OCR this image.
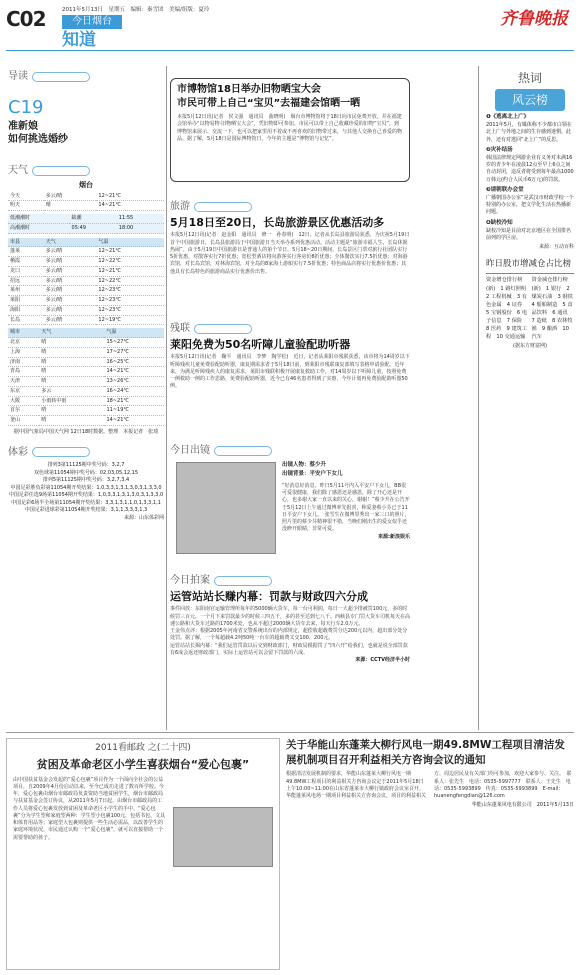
C02	2011年5月13日　星期五　编辑：秦雪团　美编/组版：夏玲
今日烟台
知道
齐鲁晚报
导读
C19
准新娘
如何挑选婚纱
天气
烟台
今天	多云/晴	12~21℃
明天	晴	14~21℃
低潮潮时	缺潮	11:55
高潮潮时	05:49	18:00
市县	天气	气温
蓬莱	多云/晴	12~21℃
栖霞	多云/晴	12~22℃
龙口	多云/晴	12~21℃
招远	多云/晴	12~22℃
莱州	多云/晴	12~23℃
莱阳	多云/晴	12~23℃
海阳	多云/晴	12~23℃
长岛	多云/晴	12~19℃
城市	天气	气温
北京	晴	15~27℃
上海	晴	17~27℃
济南	晴	16~25℃
青岛	晴	14~21℃
天津	晴	13~26℃
东京	多云	16~24℃
大阪	小雨转中雨	18~21℃
首尔	晴	11~19℃
釜山	晴	14~21℃
据中国气象局中国天气网 12日18时数据。整理　本报记者　张琦
体彩
排列3第11125期中奖号码：3,2,7
双色球第11054期中奖号码：02,03,05,12,15
排列5第11125期中奖号码：3,2,7,3,4
中国足彩胜负彩第11054期开奖结果：1,0,3,3,1,3,1,3,0,3,1,3,3,0
中国足彩任选9场第11054期开奖结果：1,0,3,3,1,3,1,3,0,3,1,3,3,0
中国足彩6场半全场第11054期开奖结果：3,3,1,3,1,1,0,1,3,3,1,1
中国足彩进球彩第11054期开奖结果：3,1,1,3,3,3,1,3
来源：山东体彩网
市博物馆18日举办旧物晒宝大会
市民可带上自己“宝贝”去福建会馆晒一晒
本报5月12日讯(记者　侯文强　通讯员　曲晓明)　烟台市博物馆将于18日向市民免费开放，并在福建会馆举办“以物易物·旧物晒宝大会”，凭旧物即可参加。市民可以带上自己收藏珍爱的旧物“宝贝”，到博物馆来展示、交流一下，也可以把家里用不着或不再喜欢的旧物带过来，与其他人交换自己喜爱的物品。据了解，5月18日是国际博物馆日，今年的主题是“博物馆与记忆”。
旅游
5月18日至20日，长岛旅游景区优惠活动多
本报5月12日讯(记者　赵金阳　通讯员　修一　孙春明)　12日，记者从长岛县旅游局获悉，为庆祝5月19日首个中国旅游日，长岛县旅游局于中国旅游日当天举办系列优惠活动。活动主题是“旅游幸福人生，长岛休娱热闹”。由于5月19日中国旅游日是普通人的第个节日，5月18~20日期间，长岛景区门票对旅行社团队实行5折优惠，对散客实行7折优惠；宽松型酒店将向游客实行客房价8折优惠；全体餐饮实行7.5折优惠；对海港宾馆，对长岛宾馆，对林海宾馆，对全岛的8家海上游船实行7.5折优惠；特色商品店将实行优惠价优惠；其他具有长岛特色的旅游商品实行优惠价出售。
残联
莱阳免费为50名听障儿童验配助听器
本报5月12日讯(记者　鞠平　通讯员　李梦　陶学松)　近日，记者从莱阳市残联获悉，该市将为14周岁以下听障残疾儿童免费验配助听器，康复期需求者于5月18日前，到莱阳市残联康复部填写表格申请验配。近年来，为满足听障残疾人的康复需求，莱阳市残联积极开展康复救助工作，对14周岁以下听障儿童，按照免费一例救助一例的工作思路，免费验配助听器，近今已有46名患者得到了实惠，今年计划再免费验配助听器50例。
今日出镜
出镜人物：蔡少升
出镜背景：平安户下女儿
“好消息好消息，昨日5月11号内入平安户下女儿，BB很可爱很健康，我们除了感恩还是感恩，除了开心还是开心，也多谢大家一直以来的关心，谢谢！”蔡少升在公告开于5月12日上午通过微博率先报喜，称爱妻蔡小芬已于11日平安户下女儿。　张雪生在微博里秀出一家三口的照片，照片里的蔡少芬精神很不错，当晚们刚出生的爱女似乎还没睁开眼睛，非常可爱。
来源:新浪娱乐
今日拍案
运管站站长赚内幕：罚款与财政四六分成
事件回放：东阳南官运输管理所每年的5000辆大货车，每一台可利润，每日一大超少排被罚100元，多的时候罚三百元。一个月下来罚款最少的时候三四五千，多的甚至达到七八千。西峡县专门罚大货车司机每天在高速公路和大货车过路的1700米处，也从不超过2000辆大货车去来，每天行车2.0万元。
王金伟点评：根据2005年河南省交警系统出台的内部规定，超偿收超载费罚分达200元以内，超出部分处分处罚。据了解，一个每超载4.2吨50吨一台车的超载费又交100、200元。
运管站站长揭内幕：“我们运管罚款以后交到财政部门，财政局根据罚了“四六开”给我们，也就是说全部罚款有6成会返还财政部门，实际上运管站可以会留下罚款的六成。
来源：CCTV经济半小时
热词
风云榜
❶《逃离北上广》
2011年5月，有媒体称不少都市白领在北上广与外地之间的生存感到迷惘。此外，还有对逃回“北上广”的反思。
❷灾补结汤
韩国法律规定网游企业有义务对未满16岁的青少年在凌晨12点至早上6点之间自动封闭，违反者将受到每年最高1000万韩元(约合人民币6万元)的罚款。
❸请朝联办会堂
广播朝国办公室“是武汉市财政学校一个特别的办公室，把文学化生活在热播新问题。
❹缺校冷知
缺校冷知是目前对北京地区在全国排名前列的学区房。
来源：互动百科
昨日股市增减仓占比榜
资金增仓排行榜(新)　1 路灯照明　2 工程机械　3 有色金属　4 证券　5 宝钢股份　6 电子信息　7 保险　8 医药　9 建筑工程　10 交通运输
资金减仓排行榜(新)　1 银行　2 煤炭石油　3 钢铁　4 船舶制造　5 食品饮料　6 通讯　7 造纸　8 农林牧渔　9 酿酒　10 汽车
(据东方财富网)
2011看邮政 之(二十四)
贫困及革命老区小学生喜获烟台“爱心包裹”
由中国扶贫基金会发起的“爱心包裹”项目作为一个面向全社会的公益项目，自2009年4月份启动以来，至今已成功走进了数百所学校。今年，爱心包裹由烟台市邮政局负责资助当地贫困学生，烟台市邮政局与扶贫基金会签订协议，从2011年5月7日起，由烟台市邮政局的工作人员将爱心包裹发放到贫困及革命老区小学生的手中。“爱心包裹”分为学生型和家庭型两种：学生型小包裹100元，包括书包、文具和体育用品等；家庭型大包裹则提供一些生活必需品，以改善学生的家庭环境状况。市民通过认购一个“爱心包裹”，就可以直接帮助一个需要帮助的孩子。
关于华能山东蓬莱大柳行风电一期49.8MW工程项目清洁发展机制项目召开利益相关方咨询会议的通知
根据清洁发展机制的要求，华能山东蓬莱大柳行风电一期49.8MW工程项目的利益相关方咨询会议定于2011年5月18日上午10:00~11:00在山东省蓬莱市大柳行镇政府会议室召开。华能蓬莱风电场一期项目利益相关方咨询会议，项目的利益相关方、周边居民及有关部门均可参加，欢迎大家参与、关注。　联系人：张先生　电话：0535-5997777　联系人：王先生　电话：0535-5993899　传真：0535-5993899　E-mail：huanengfengdian@126.com
华能山东蓬莱风电有限公司　2011年5月13日
